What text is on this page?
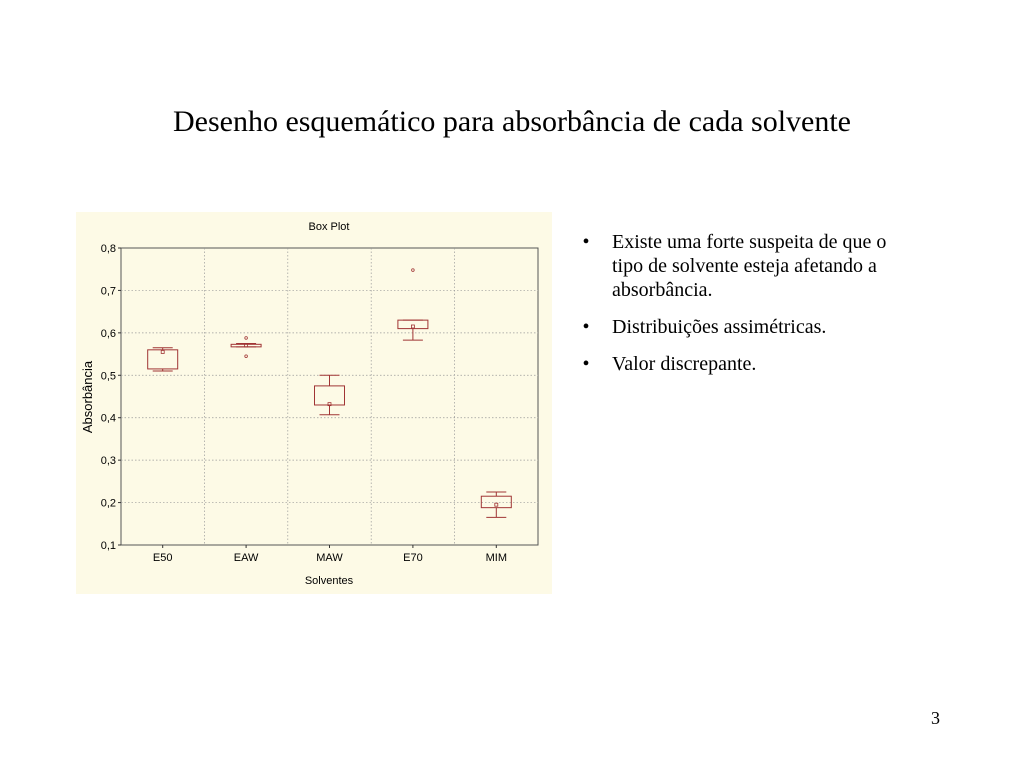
Desenho esquemático para absorbância de cada solvente
Box Plot
Solventes
Absorbância
0,1
0,2
0,3
0,4
0,5
0,6
0,7
0,8
E50	EAW	MAW	E70	MIM
•	Existe uma forte suspeita de que o tipo de solvente esteja afetando a absorbância.
•	Distribuições assimétricas.
•	Valor discrepante.
3
